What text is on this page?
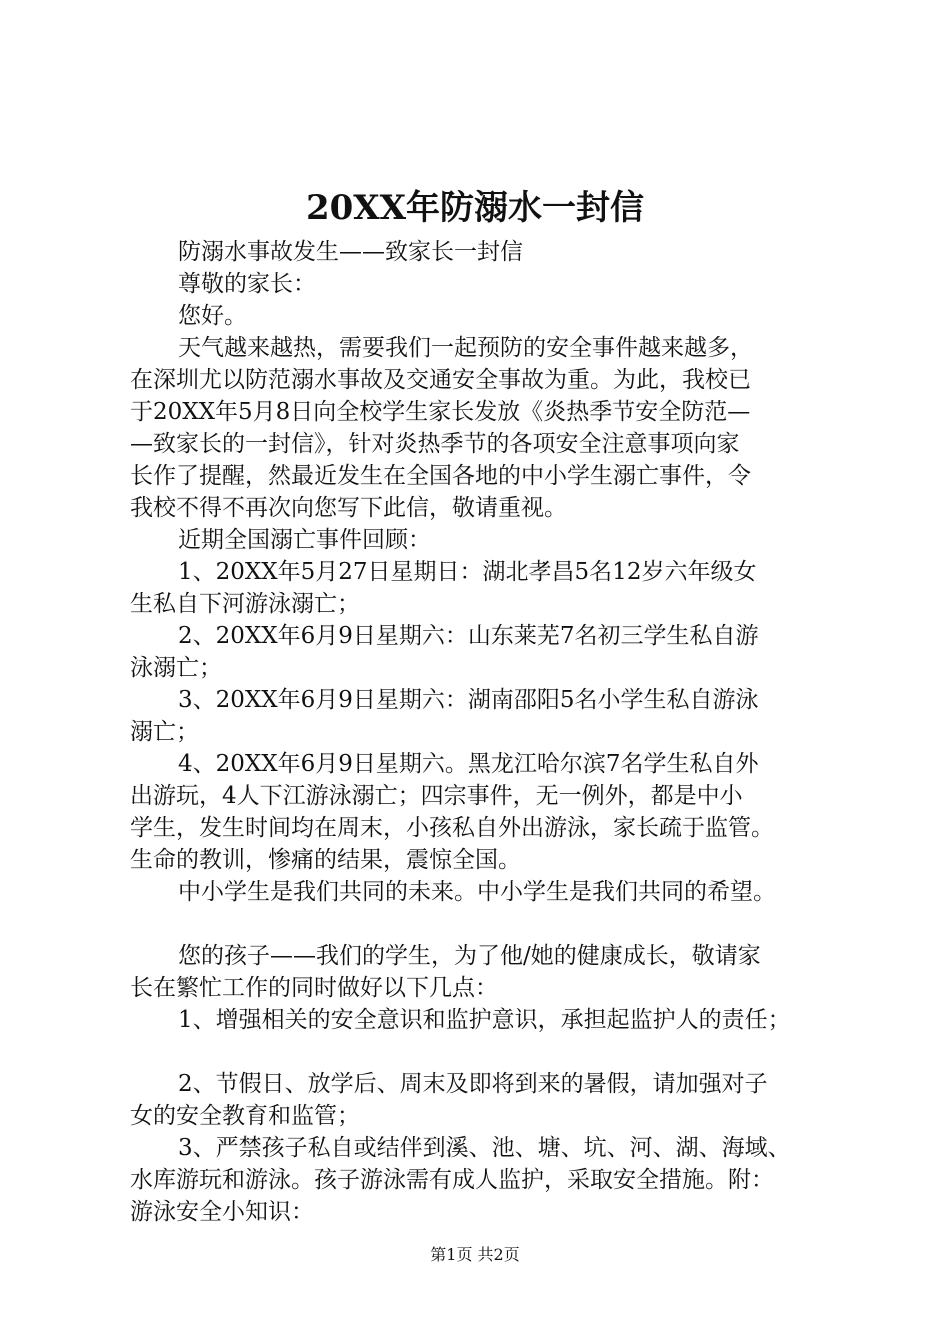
20XX年防溺水一封信
防溺水事故发生——致家长一封信
尊敬的家长：
您好。
天气越来越热，需要我们一起预防的安全事件越来越多，
在深圳尤以防范溺水事故及交通安全事故为重。为此，我校已
于20XX年5月8日向全校学生家长发放《炎热季节安全防范—
—致家长的一封信》，针对炎热季节的各项安全注意事项向家
长作了提醒，然最近发生在全国各地的中小学生溺亡事件，令
我校不得不再次向您写下此信，敬请重视。
近期全国溺亡事件回顾：
1、20XX年5月27日星期日：湖北孝昌5名12岁六年级女
生私自下河游泳溺亡；
2、20XX年6月9日星期六：山东莱芜7名初三学生私自游
泳溺亡；
3、20XX年6月9日星期六：湖南邵阳5名小学生私自游泳
溺亡；
4、20XX年6月9日星期六。黑龙江哈尔滨7名学生私自外
出游玩，4人下江游泳溺亡；四宗事件，无一例外，都是中小
学生，发生时间均在周末，小孩私自外出游泳，家长疏于监管。
生命的教训，惨痛的结果，震惊全国。
中小学生是我们共同的未来。中小学生是我们共同的希望。
您的孩子——我们的学生，为了他/她的健康成长，敬请家
长在繁忙工作的同时做好以下几点：
1、增强相关的安全意识和监护意识，承担起监护人的责任；
2、节假日、放学后、周末及即将到来的暑假，请加强对子
女的安全教育和监管；
3、严禁孩子私自或结伴到溪、池、塘、坑、河、湖、海域、
水库游玩和游泳。孩子游泳需有成人监护，采取安全措施。附：
游泳安全小知识：
第1页 共2页
